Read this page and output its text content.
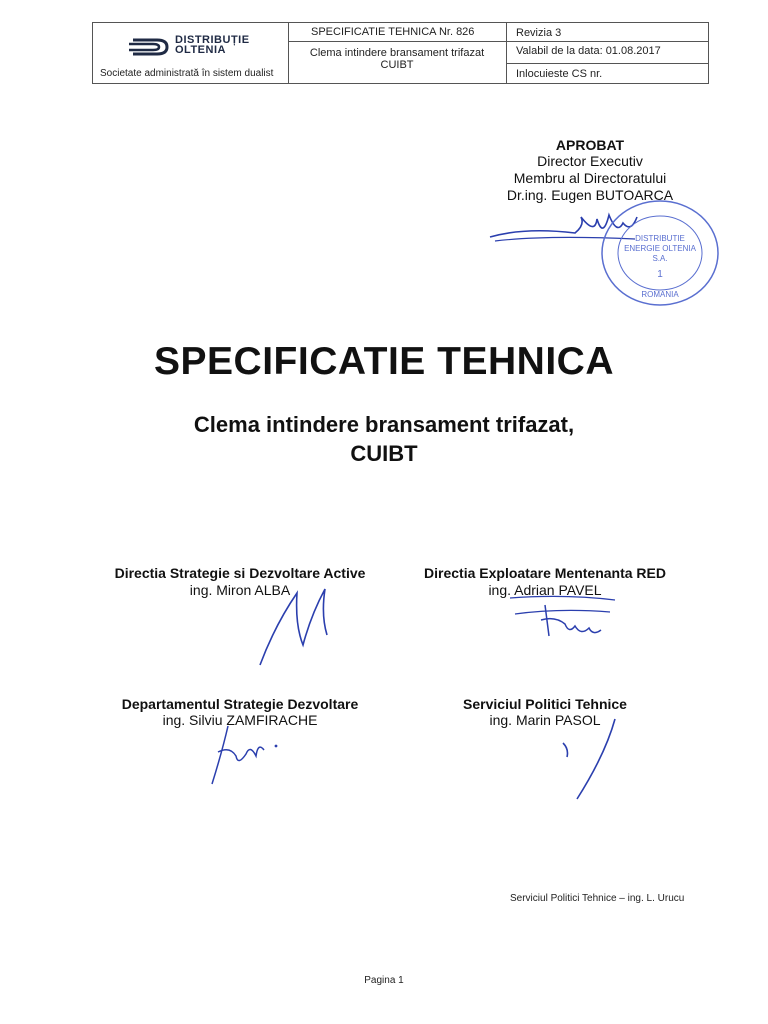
DISTRIBUȚIE
OLTENIA
Societate administrată în sistem dualist
SPECIFICATIE TEHNICA Nr. 826
Clema intindere bransament trifazat
CUIBT
Revizia 3
Valabil de la data: 01.08.2017
Inlocuieste CS nr.
APROBAT
Director Executiv
Membru al Directoratului
Dr.ing. Eugen BUTOARCA
DISTRIBUTIE
ENERGIE OLTENIA
S.A.
1
ROMANIA
SPECIFICATIE TEHNICA
Clema intindere bransament trifazat,
CUIBT
Directia Strategie si Dezvoltare Active
ing. Miron ALBA
Directia Exploatare Mentenanta RED
ing. Adrian PAVEL
Departamentul Strategie Dezvoltare
ing. Silviu ZAMFIRACHE
Serviciul Politici Tehnice
ing. Marin PASOL
Serviciul Politici Tehnice – ing. L. Urucu
Pagina 1
